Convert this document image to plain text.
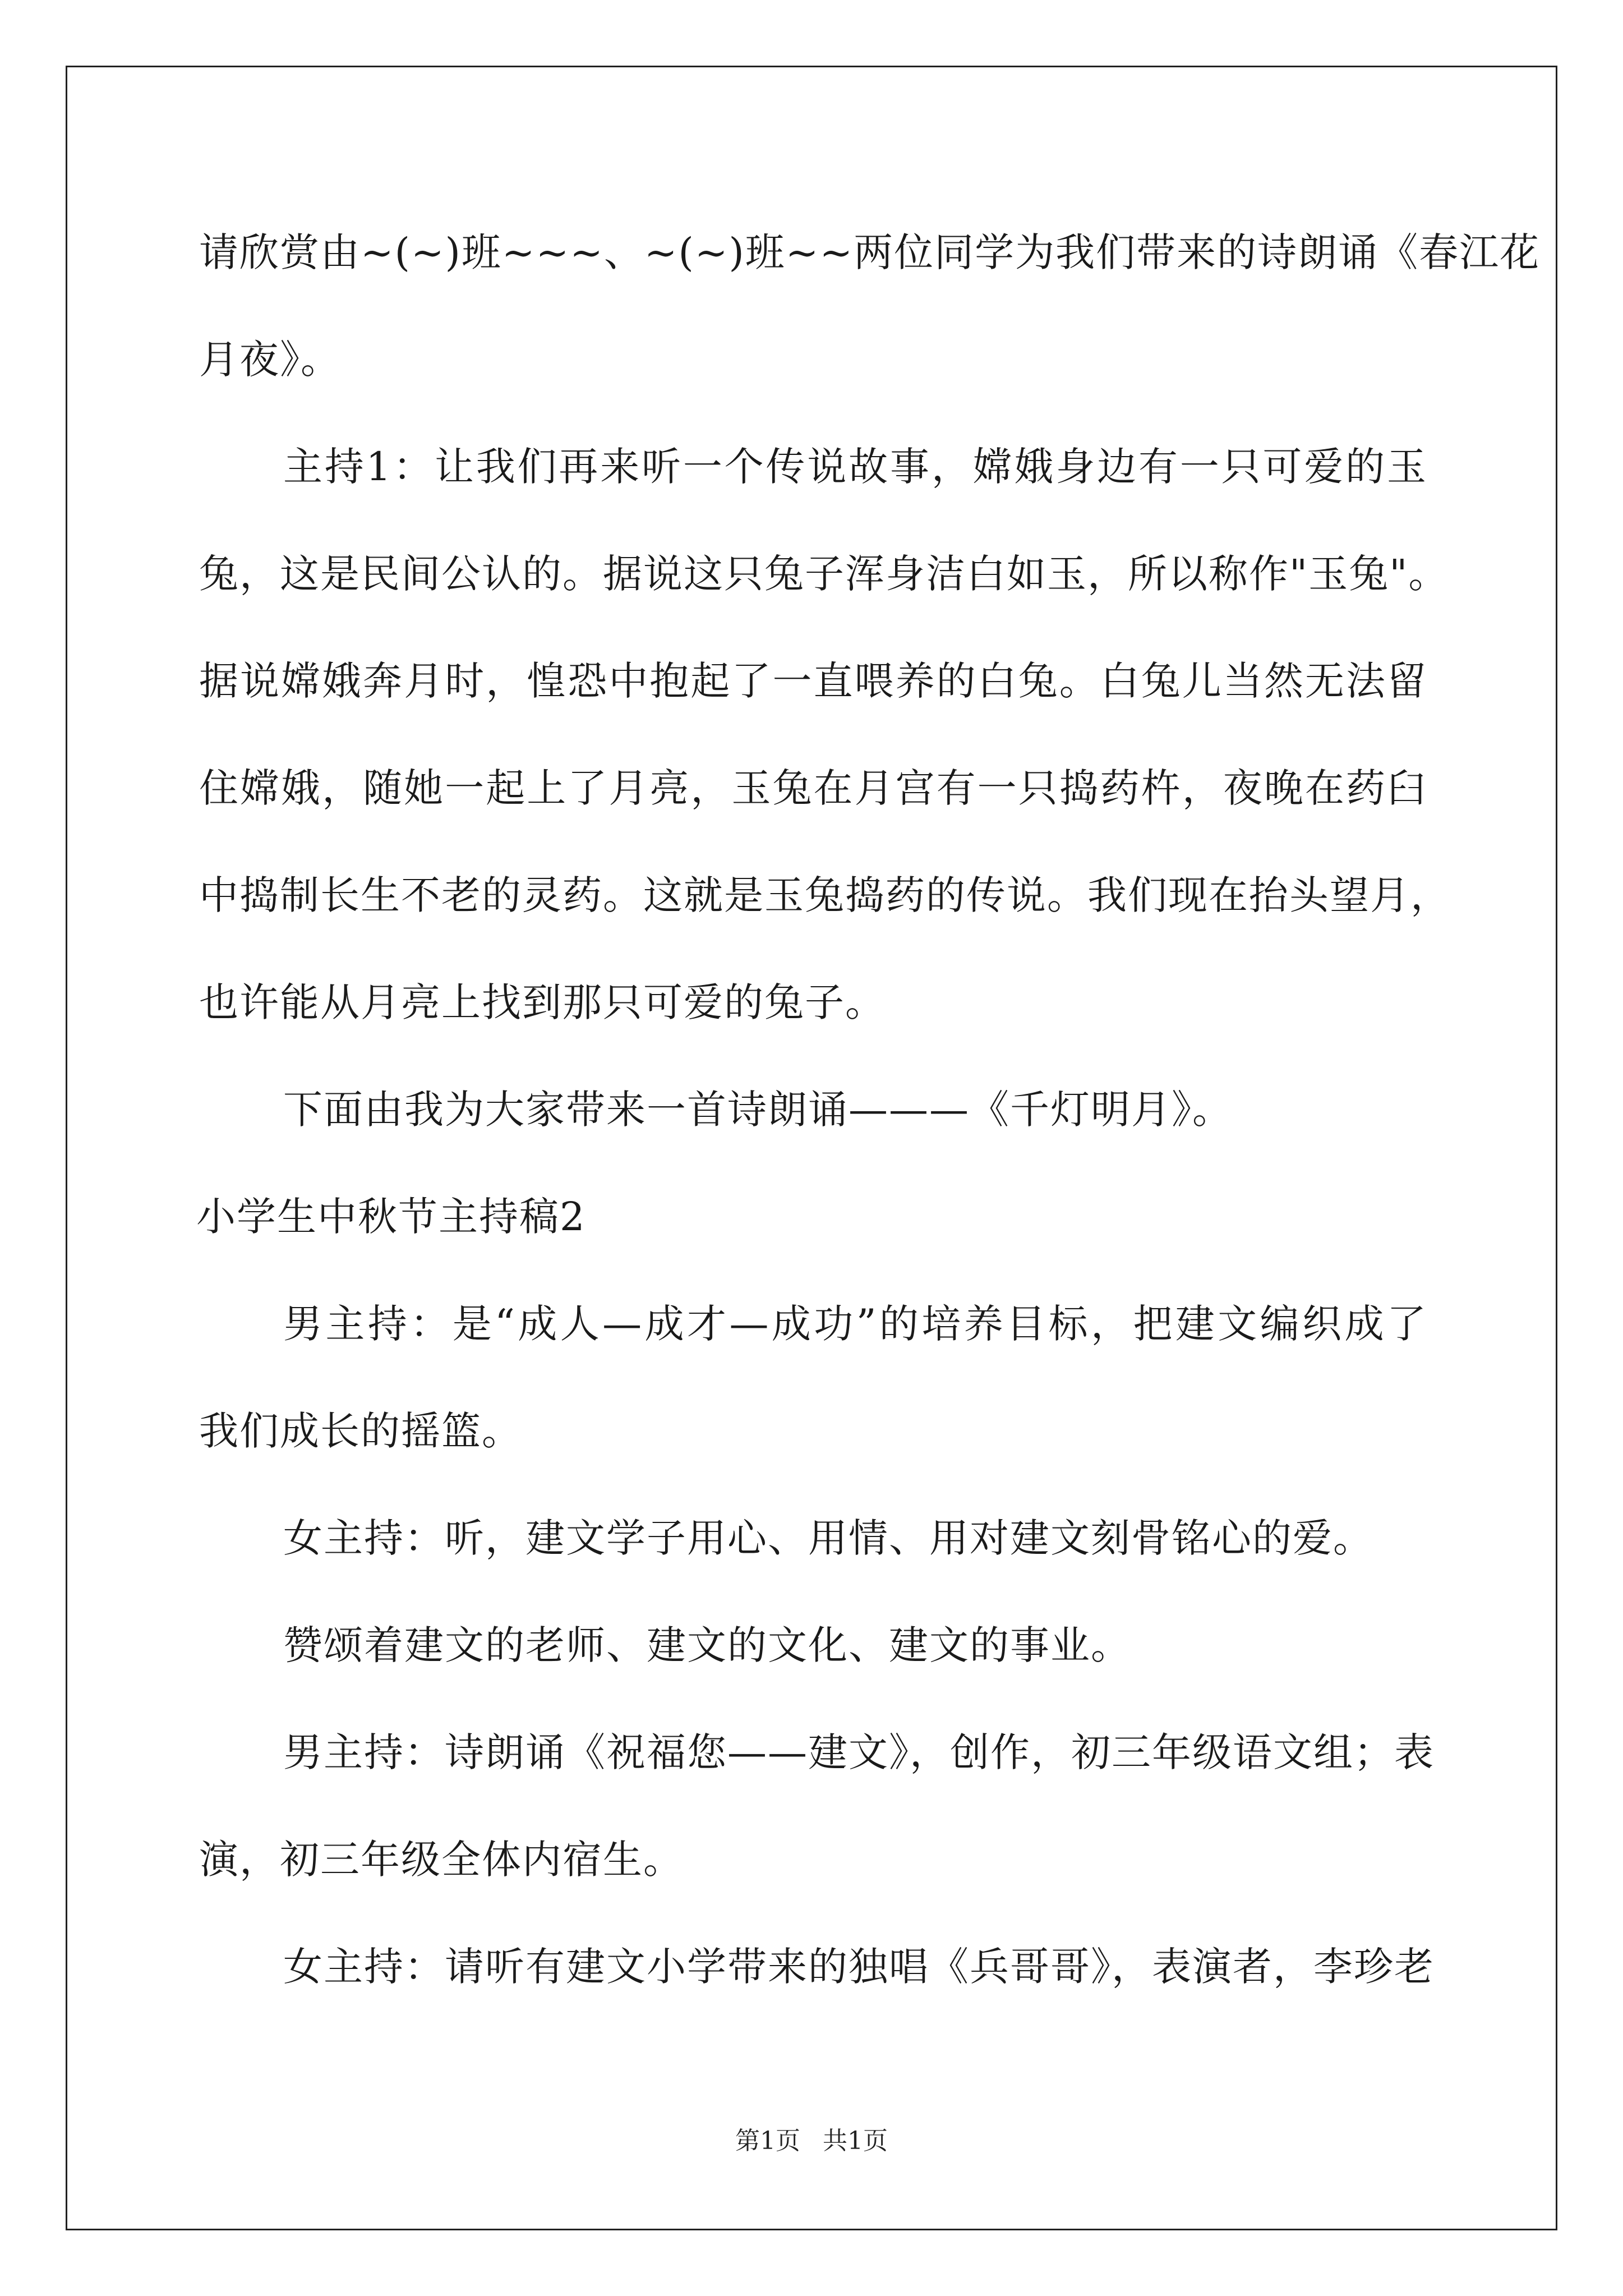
请欣赏由~(~)班~~~、~(~)班~~两位同学为我们带来的诗朗诵《春江花
月夜》。
主持1：让我们再来听一个传说故事，嫦娥身边有一只可爱的玉
兔，这是民间公认的。据说这只兔子浑身洁白如玉，所以称作"玉兔"。
据说嫦娥奔月时，惶恐中抱起了一直喂养的白兔。白兔儿当然无法留
住嫦娥，随她一起上了月亮，玉兔在月宫有一只捣药杵，夜晚在药臼
中捣制长生不老的灵药。这就是玉兔捣药的传说。我们现在抬头望月，
也许能从月亮上找到那只可爱的兔子。
下面由我为大家带来一首诗朗诵———《千灯明月》。
小学生中秋节主持稿2
男主持：是“成人—成才—成功”的培养目标，把建文编织成了
我们成长的摇篮。
女主持：听，建文学子用心、用情、用对建文刻骨铭心的爱。
赞颂着建文的老师、建文的文化、建文的事业。
男主持：诗朗诵《祝福您——建文》，创作，初三年级语文组；表
演，初三年级全体内宿生。
女主持：请听有建文小学带来的独唱《兵哥哥》，表演者，李珍老
第1页 共1页
